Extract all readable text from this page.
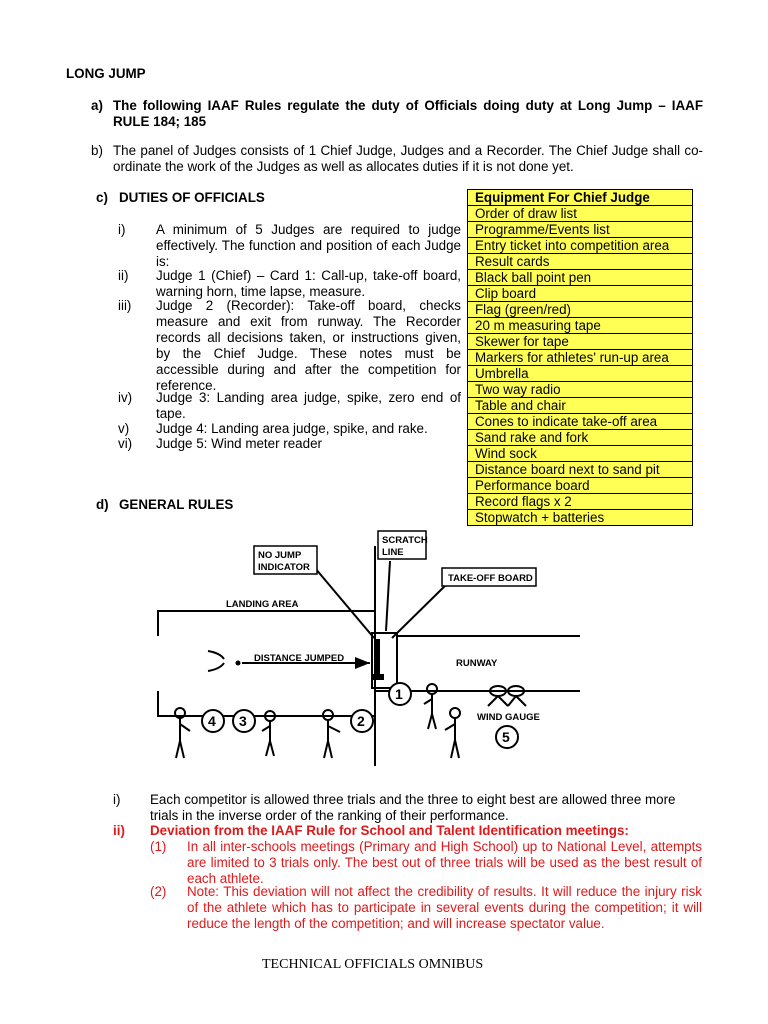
LONG JUMP
a) The following IAAF Rules regulate the duty of Officials doing duty at Long Jump – IAAF RULE 184; 185
b) The panel of Judges consists of 1 Chief Judge, Judges and a Recorder. The Chief Judge shall co-ordinate the work of the Judges as well as allocates duties if it is not done yet.
c) DUTIES OF OFFICIALS
i) A minimum of 5 Judges are required to judge effectively. The function and position of each Judge is:
ii) Judge 1 (Chief) – Card 1: Call-up, take-off board, warning horn, time lapse, measure.
iii) Judge 2 (Recorder): Take-off board, checks measure and exit from runway. The Recorder records all decisions taken, or instructions given, by the Chief Judge. These notes must be accessible during and after the competition for reference.
iv) Judge 3: Landing area judge, spike, zero end of tape.
v) Judge 4: Landing area judge, spike, and rake.
vi) Judge 5: Wind meter reader
Equipment For Chief Judge
Order of draw list
Programme/Events list
Entry ticket into competition area
Result cards
Black ball point pen
Clip board
Flag (green/red)
20 m measuring tape
Skewer for tape
Markers for athletes' run-up area
Umbrella
Two way radio
Table and chair
Cones to indicate take-off area
Sand rake and fork
Wind sock
Distance board next to sand pit
Performance board
Record flags x 2
Stopwatch + batteries
d) GENERAL RULES
NO JUMP
INDICATOR
SCRATCH
LINE
TAKE-OFF BOARD
LANDING AREA
DISTANCE JUMPED	RUNWAY
WIND GAUGE
1
2
3
4
5
i) Each competitor is allowed three trials and the three to eight best are allowed three more trials in the inverse order of the ranking of their performance.
ii) Deviation from the IAAF Rule for School and Talent Identification meetings:
(1) In all inter-schools meetings (Primary and High School) up to National Level, attempts are limited to 3 trials only. The best out of three trials will be used as the best result of each athlete.
(2) Note: This deviation will not affect the credibility of results. It will reduce the injury risk of the athlete which has to participate in several events during the competition; it will reduce the length of the competition; and will increase spectator value.
TECHNICAL OFFICIALS OMNIBUS
